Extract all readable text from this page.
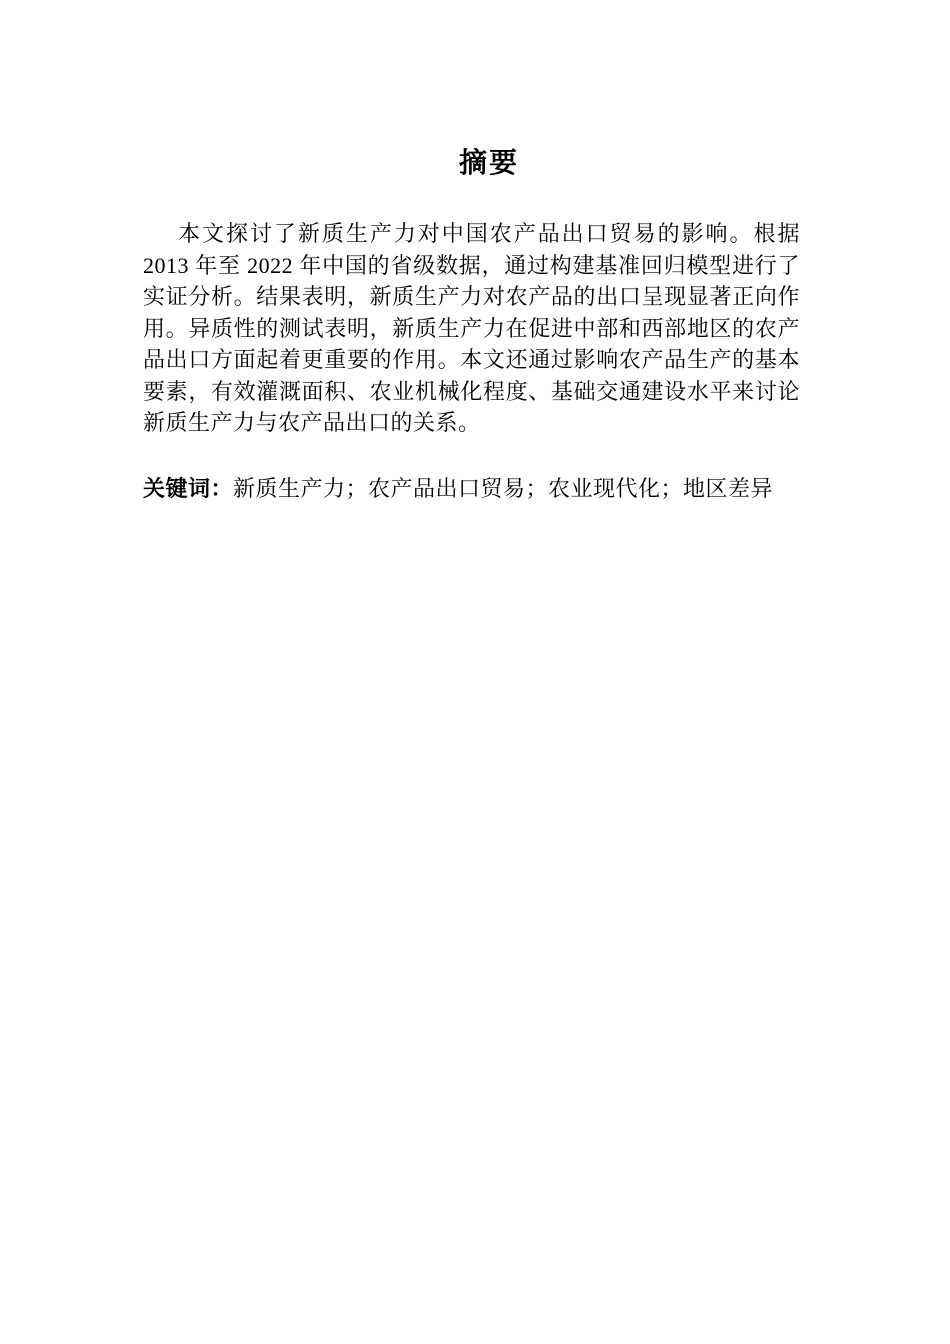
摘要

本文探讨了新质生产力对中国农产品出口贸易的影响。根据 2013 年至 2022 年中国的省级数据，通过构建基准回归模型进行了实证分析。结果表明，新质生产力对农产品的出口呈现显著正向作用。异质性的测试表明，新质生产力在促进中部和西部地区的农产品出口方面起着更重要的作用。本文还通过影响农产品生产的基本要素，有效灌溉面积、农业机械化程度、基础交通建设水平来讨论新质生产力与农产品出口的关系。

关键词：新质生产力；农产品出口贸易；农业现代化；地区差异
